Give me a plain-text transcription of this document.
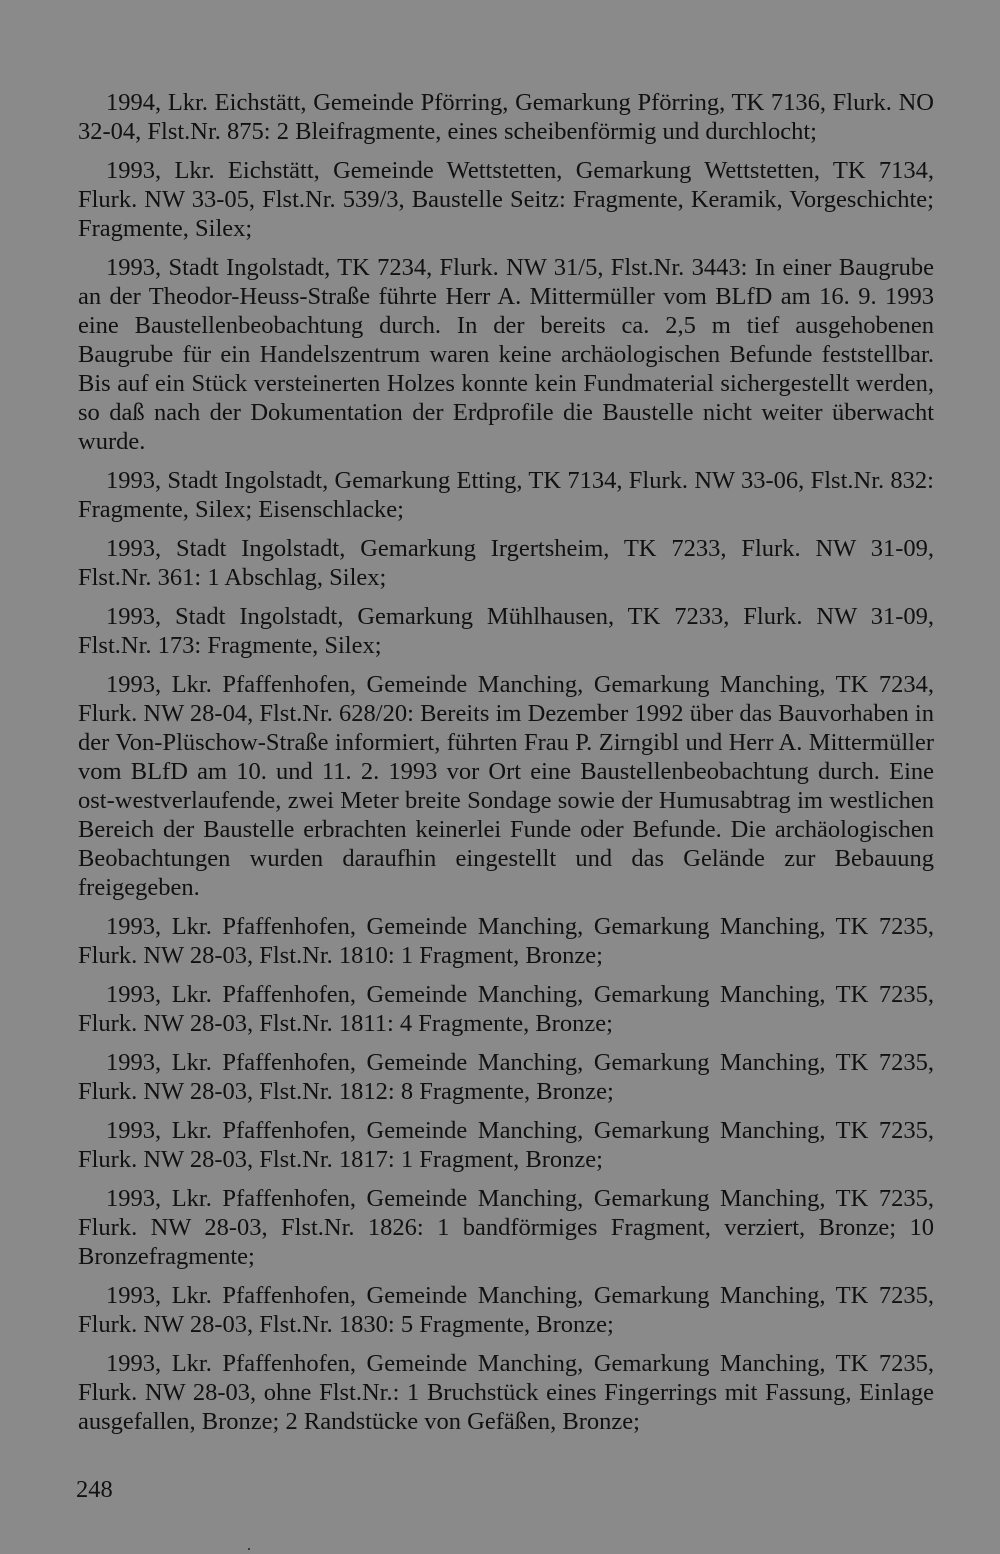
1994, Lkr. Eichstätt, Gemeinde Pförring, Gemarkung Pförring, TK 7136, Flurk. NO 32-04, Flst.Nr. 875: 2 Bleifragmente, eines scheibenförmig und durchlocht;

1993, Lkr. Eichstätt, Gemeinde Wettstetten, Gemarkung Wettstetten, TK 7134, Flurk. NW 33-05, Flst.Nr. 539/3, Baustelle Seitz: Fragmente, Keramik, Vorgeschichte; Fragmente, Silex;

1993, Stadt Ingolstadt, TK 7234, Flurk. NW 31/5, Flst.Nr. 3443: In einer Baugrube an der Theodor-Heuss-Straße führte Herr A. Mittermüller vom BLfD am 16. 9. 1993 eine Baustellenbeobachtung durch. In der bereits ca. 2,5 m tief ausgehobenen Baugrube für ein Handelszentrum waren keine archäologischen Befunde feststellbar. Bis auf ein Stück versteinerten Holzes konnte kein Fundmaterial sichergestellt werden, so daß nach der Dokumentation der Erdprofile die Baustelle nicht weiter überwacht wurde.

1993, Stadt Ingolstadt, Gemarkung Etting, TK 7134, Flurk. NW 33-06, Flst.Nr. 832: Fragmente, Silex; Eisenschlacke;

1993, Stadt Ingolstadt, Gemarkung Irgertsheim, TK 7233, Flurk. NW 31-09, Flst.Nr. 361: 1 Abschlag, Silex;

1993, Stadt Ingolstadt, Gemarkung Mühlhausen, TK 7233, Flurk. NW 31-09, Flst.Nr. 173: Fragmente, Silex;

1993, Lkr. Pfaffenhofen, Gemeinde Manching, Gemarkung Manching, TK 7234, Flurk. NW 28-04, Flst.Nr. 628/20: Bereits im Dezember 1992 über das Bauvorhaben in der Von-Plüschow-Straße informiert, führten Frau P. Zirngibl und Herr A. Mittermüller vom BLfD am 10. und 11. 2. 1993 vor Ort eine Baustellenbeobachtung durch. Eine ost-westverlaufende, zwei Meter breite Sondage sowie der Humusabtrag im westlichen Bereich der Baustelle erbrachten keinerlei Funde oder Befunde. Die archäologischen Beobachtungen wurden daraufhin eingestellt und das Gelände zur Bebauung freigegeben.

1993, Lkr. Pfaffenhofen, Gemeinde Manching, Gemarkung Manching, TK 7235, Flurk. NW 28-03, Flst.Nr. 1810: 1 Fragment, Bronze;

1993, Lkr. Pfaffenhofen, Gemeinde Manching, Gemarkung Manching, TK 7235, Flurk. NW 28-03, Flst.Nr. 1811: 4 Fragmente, Bronze;

1993, Lkr. Pfaffenhofen, Gemeinde Manching, Gemarkung Manching, TK 7235, Flurk. NW 28-03, Flst.Nr. 1812: 8 Fragmente, Bronze;

1993, Lkr. Pfaffenhofen, Gemeinde Manching, Gemarkung Manching, TK 7235, Flurk. NW 28-03, Flst.Nr. 1817: 1 Fragment, Bronze;

1993, Lkr. Pfaffenhofen, Gemeinde Manching, Gemarkung Manching, TK 7235, Flurk. NW 28-03, Flst.Nr. 1826: 1 bandförmiges Fragment, verziert, Bronze; 10 Bronzefragmente;

1993, Lkr. Pfaffenhofen, Gemeinde Manching, Gemarkung Manching, TK 7235, Flurk. NW 28-03, Flst.Nr. 1830: 5 Fragmente, Bronze;

1993, Lkr. Pfaffenhofen, Gemeinde Manching, Gemarkung Manching, TK 7235, Flurk. NW 28-03, ohne Flst.Nr.: 1 Bruchstück eines Fingerrings mit Fassung, Einlage ausgefallen, Bronze; 2 Randstücke von Gefäßen, Bronze;

248
